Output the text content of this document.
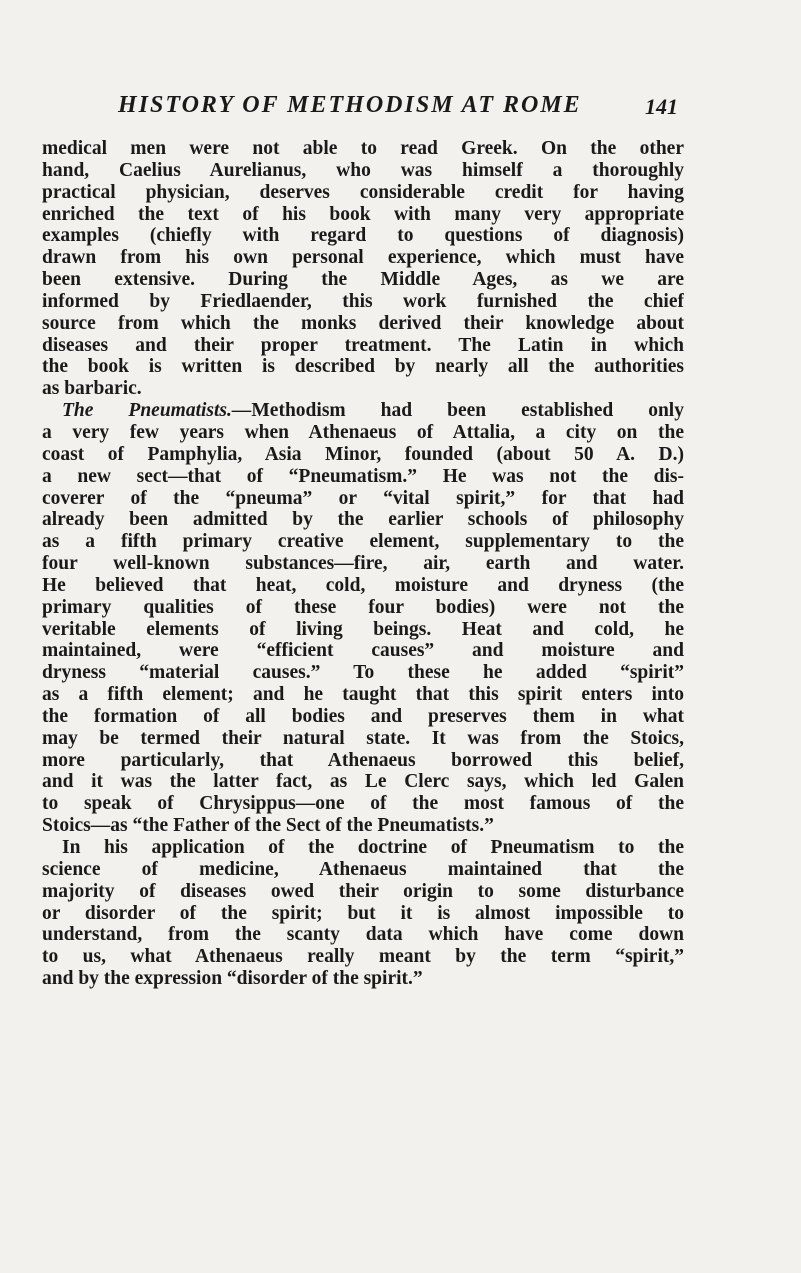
HISTORY OF METHODISM AT ROME	141
medical men were not able to read Greek. On the other
hand, Caelius Aurelianus, who was himself a thoroughly
practical physician, deserves considerable credit for having
enriched the text of his book with many very appropriate
examples (chiefly with regard to questions of diagnosis)
drawn from his own personal experience, which must have
been extensive. During the Middle Ages, as we are
informed by Friedlaender, this work furnished the chief
source from which the monks derived their knowledge about
diseases and their proper treatment. The Latin in which
the book is written is described by nearly all the authorities
as barbaric.
The Pneumatists.—Methodism had been established only
a very few years when Athenaeus of Attalia, a city on the
coast of Pamphylia, Asia Minor, founded (about 50 A. D.)
a new sect—that of “Pneumatism.” He was not the dis-
coverer of the “pneuma” or “vital spirit,” for that had
already been admitted by the earlier schools of philosophy
as a fifth primary creative element, supplementary to the
four well-known substances—fire, air, earth and water.
He believed that heat, cold, moisture and dryness (the
primary qualities of these four bodies) were not the
veritable elements of living beings. Heat and cold, he
maintained, were “efficient causes” and moisture and
dryness “material causes.” To these he added “spirit”
as a fifth element; and he taught that this spirit enters into
the formation of all bodies and preserves them in what
may be termed their natural state. It was from the Stoics,
more particularly, that Athenaeus borrowed this belief,
and it was the latter fact, as Le Clerc says, which led Galen
to speak of Chrysippus—one of the most famous of the
Stoics—as “the Father of the Sect of the Pneumatists.”
In his application of the doctrine of Pneumatism to the
science of medicine, Athenaeus maintained that the
majority of diseases owed their origin to some disturbance
or disorder of the spirit; but it is almost impossible to
understand, from the scanty data which have come down
to us, what Athenaeus really meant by the term “spirit,”
and by the expression “disorder of the spirit.”
